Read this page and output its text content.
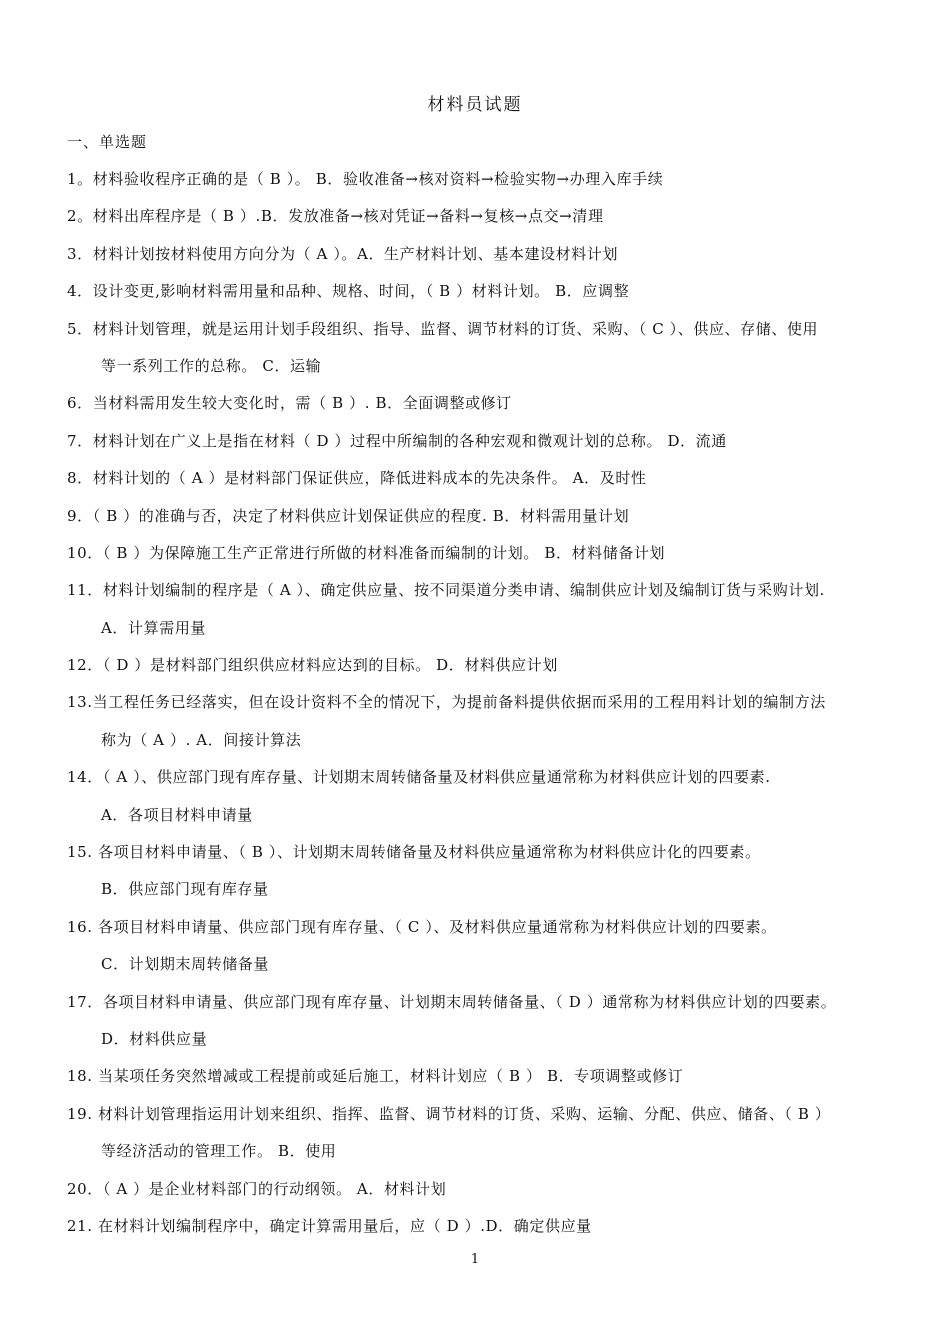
材料员试题
一、单选题
1。材料验收程序正确的是（ B ）。 B．验收准备→核对资料→检验实物→办理入库手续
2。材料出库程序是（ B ）.B．发放准备→核对凭证→备料→复核→点交→清理
3．材料计划按材料使用方向分为（ A ）。A．生产材料计划、基本建设材料计划
4．设计变更,影响材料需用量和品种、规格、时间，（ B ）材料计划。 B．应调整
5．材料计划管理，就是运用计划手段组织、指导、监督、调节材料的订货、采购、（ C ）、供应、存储、使用
等一系列工作的总称。 C．运输
6．当材料需用发生较大变化时，需（ B ）. B．全面调整或修订
7．材料计划在广义上是指在材料（ D ）过程中所编制的各种宏观和微观计划的总称。 D．流通
8．材料计划的（ A ）是材料部门保证供应，降低进料成本的先决条件。 A．及时性
9．（ B ）的准确与否，决定了材料供应计划保证供应的程度. B．材料需用量计划
10．（ B ）为保障施工生产正常进行所做的材料准备而编制的计划。 B．材料储备计划
11．材料计划编制的程序是（ A ）、确定供应量、按不同渠道分类申请、编制供应计划及编制订货与采购计划.
A．计算需用量
12．（ D ）是材料部门组织供应材料应达到的目标。 D．材料供应计划
13.当工程任务已经落实，但在设计资料不全的情况下，为提前备料提供依据而采用的工程用料计划的编制方法
称为（ A ）. A．间接计算法
14．（ A ）、供应部门现有库存量、计划期末周转储备量及材料供应量通常称为材料供应计划的四要素.
A．各项目材料申请量
15. 各项目材料申请量、（ B ）、计划期末周转储备量及材料供应量通常称为材料供应计化的四要素。
B．供应部门现有库存量
16. 各项目材料申请量、供应部门现有库存量、（ C ）、及材料供应量通常称为材料供应计划的四要素。
C．计划期末周转储备量
17．各项目材料申请量、供应部门现有库存量、计划期末周转储备量、（ D ）通常称为材料供应计划的四要素。
D．材料供应量
18. 当某项任务突然增减或工程提前或延后施工，材料计划应（ B ） B．专项调整或修订
19. 材料计划管理指运用计划来组织、指挥、监督、调节材料的订货、采购、运输、分配、供应、储备、（ B ）
等经济活动的管理工作。 B．使用
20．（ A ）是企业材料部门的行动纲领。 A．材料计划
21. 在材料计划编制程序中，确定计算需用量后，应（ D ）.D．确定供应量
1
